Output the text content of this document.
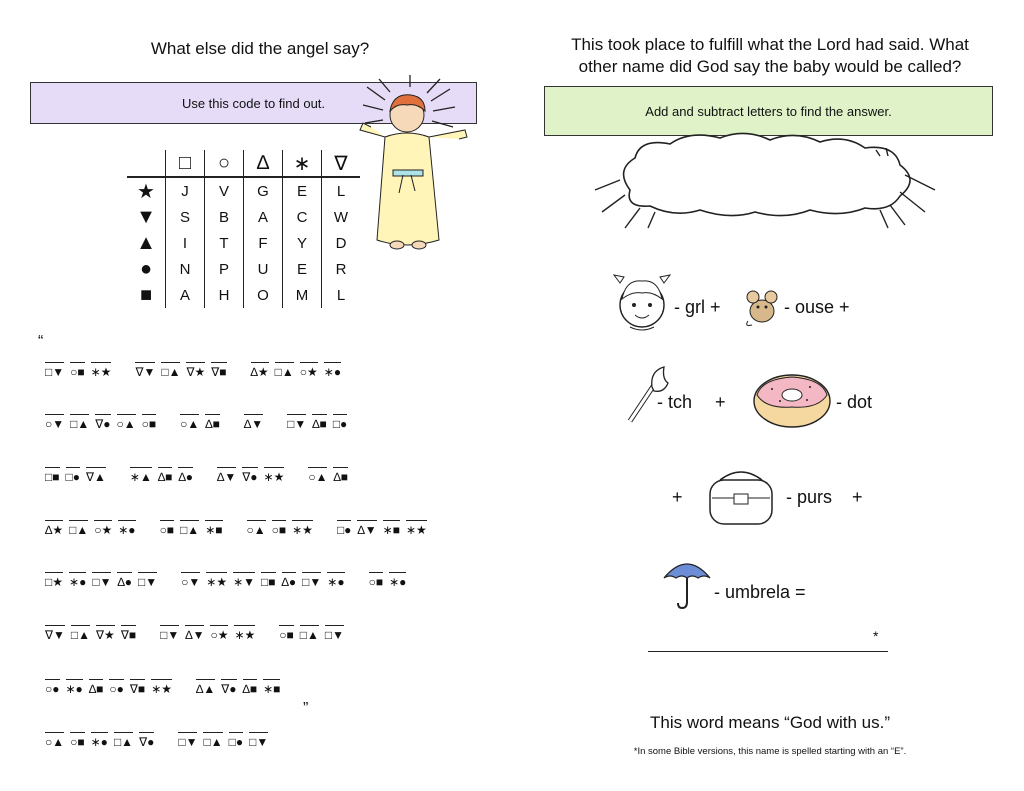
What else did the angel say?
Use this code to find out.
	□	○	∆	∗	∇
★	J	V	G	E	L
▼	S	B	A	C	W
▲	I	T	F	Y	D
●	N	P	U	E	R
■	A	H	O	M	L
“
”
□▼ ○■ ∗★ ∇▼ □▲ ∇★ ∇■ ∆★ □▲ ○★ ∗●
○▼ □▲ ∇● ○▲ ○■ ○▲ ∆■ ∆▼ □▼ ∆■ □●
□■ □● ∇▲ ∗▲ ∆■ ∆● ∆▼ ∇● ∗★ ○▲ ∆■
∆★ □▲ ○★ ∗● ○■ □▲ ∗■ ○▲ ○■ ∗★ □● ∆▼ ∗■ ∗★
□★ ∗● □▼ ∆● □▼ ○▼ ∗★ ∗▼ □■ ∆● □▼ ∗● ○■ ∗●
∇▼ □▲ ∇★ ∇■ □▼ ∆▼ ○★ ∗★ ○■ □▲ □▼
○● ∗● ∆■ ○● ∇■ ∗★ ∆▲ ∇● ∆■ ∗■
○▲ ○■ ∗● □▲ ∇● □▼ □▲ □● □▼
This took place to fulfill what the Lord had said. What
other name did God say the baby would be called?
Add and subtract letters to find the answer.
- grl +	- ouse +
- tch +	- dot
+	- purs +
- umbrela =
*
This word means “God with us.”
*In some Bible versions, this name is spelled starting with an “E”.
